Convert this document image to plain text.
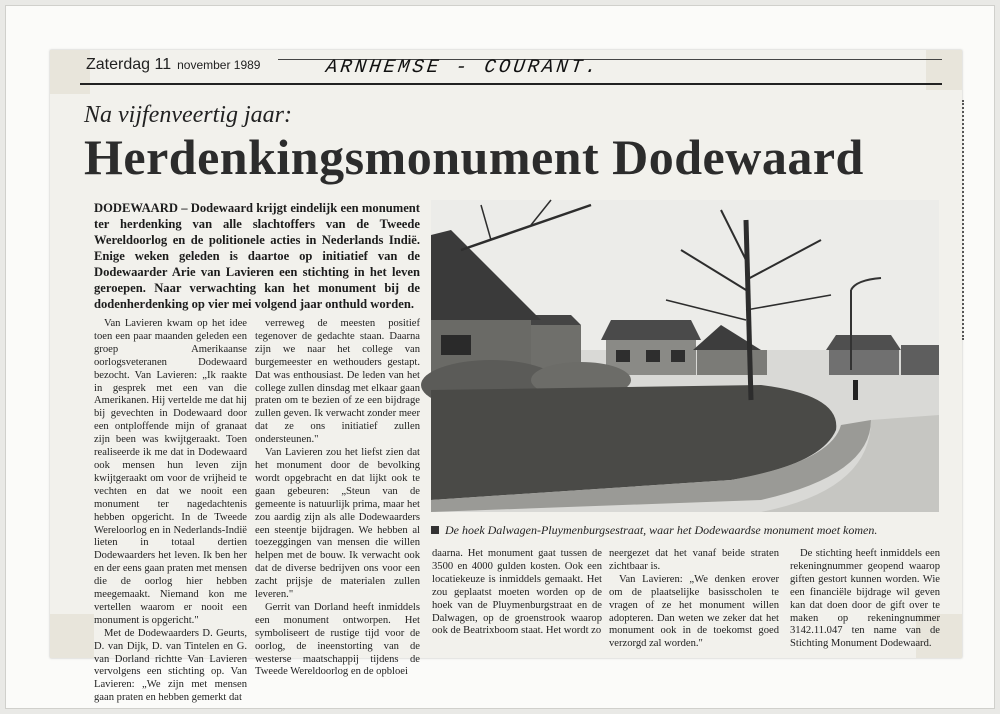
Zaterdag 11 november 1989	ARNHEMSE - COURANT.
Na vijfenveertig jaar:
Herdenkingsmonument Dodewaard
DODEWAARD – Dodewaard krijgt eindelijk een monument ter herdenking van alle slachtoffers van de Tweede Wereldoorlog en de politionele acties in Nederlands Indië. Enige weken geleden is daartoe op initiatief van de Dodewaarder Arie van Lavieren een stichting in het leven geroepen. Naar verwachting kan het monument bij de dodenherdenking op vier mei volgend jaar onthuld worden.

Van Lavieren kwam op het idee toen een paar maanden geleden een groep Amerikaanse oorlogsveteranen Dodewaard bezocht. Van Lavieren: „Ik raakte in gesprek met een van die Amerikanen. Hij vertelde me dat hij bij gevechten in Dodewaard door een ontploffende mijn of granaat zijn been was kwijtgeraakt. Toen realiseerde ik me dat in Dodewaard ook mensen hun leven zijn kwijtgeraakt om voor de vrijheid te vechten en dat we nooit een monument ter nagedachtenis hebben opgericht. In de Tweede Wereloorlog en in Nederlands-Indië lieten in totaal dertien Dodewaarders het leven. Ik ben her en der eens gaan praten met mensen die de oorlog hier hebben meegemaakt. Niemand kon me vertellen waarom er nooit een monument is opgericht."

Met de Dodewaarders D. Geurts, D. van Dijk, D. van Tintelen en G. van Dorland richtte Van Lavieren vervolgens een stichting op. Van Lavieren: „We zijn met mensen gaan praten en hebben gemerkt dat

verreweg de meesten positief tegenover de gedachte staan. Daarna zijn we naar het college van burgemeester en wethouders gestapt. Dat was enthousiast. De leden van het college zullen dinsdag met elkaar gaan praten om te bezien of ze een bijdrage zullen geven. Ik verwacht zonder meer dat ze ons initiatief zullen ondersteunen."

Van Lavieren zou het liefst zien dat het monument door de bevolking wordt opgebracht en dat lijkt ook te gaan gebeuren: „Steun van de gemeente is natuurlijk prima, maar het zou aardig zijn als alle Dodewaarders een steentje bijdragen. We hebben al toezeggingen van mensen die willen helpen met de bouw. Ik verwacht ook dat de diverse bedrijven ons voor een zacht prijsje de materialen zullen leveren."

Gerrit van Dorland heeft inmiddels een monument ontworpen. Het symboliseert de rustige tijd voor de oorlog, de ineenstorting van de westerse maatschappij tijdens de Tweede Wereldoorlog en de opbloei

De hoek Dalwagen-Pluymenburgsestraat, waar het Dodewaardse monument moet komen.

daarna. Het monument gaat tussen de 3500 en 4000 gulden kosten. Ook een locatiekeuze is inmiddels gemaakt. Het zou geplaatst moeten worden op de hoek van de Pluymenburgstraat en de Dalwagen, op de groenstrook waarop ook de Beatrixboom staat. Het wordt zo

neergezet dat het vanaf beide straten zichtbaar is.

Van Lavieren: „We denken erover om de plaatselijke basisscholen te vragen of ze het monument willen adopteren. Dan weten we zeker dat het monument ook in de toekomst goed verzorgd zal worden."

De stichting heeft inmiddels een rekeningnummer geopend waarop giften gestort kunnen worden. Wie een financiële bijdrage wil geven kan dat doen door de gift over te maken op rekeningnummer 3142.11.047 ten name van de Stichting Monument Dodewaard.
